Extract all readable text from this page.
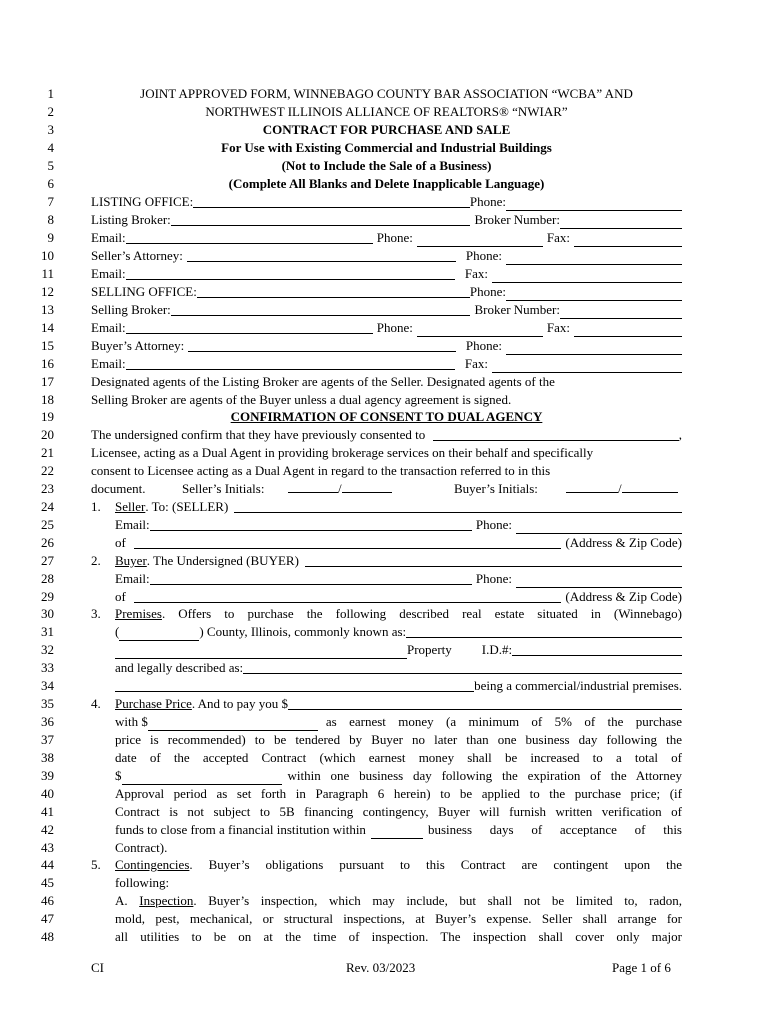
1
2
3
4
5
6
7
8
9
10
11
12
13
14
15
16
17
18
19
20
21
22
23
24
25
26
27
28
29
30
31
32
33
34
35
36
37
38
39
40
41
42
43
44
45
46
47
48
JOINT APPROVED FORM, WINNEBAGO COUNTY BAR ASSOCIATION “WCBA” AND
NORTHWEST ILLINOIS ALLIANCE OF REALTORS® “NWIAR”
CONTRACT FOR PURCHASE AND SALE
For Use with Existing Commercial and Industrial Buildings
(Not to Include the Sale of a Business)
(Complete All Blanks and Delete Inapplicable Language)
LISTING OFFICE:	Phone:
Listing Broker:	Broker Number:
Email:	Phone:	Fax:
Seller’s Attorney:	Phone:
Email:	Fax:
SELLING OFFICE:	Phone:
Selling Broker:	Broker Number:
Email:	Phone:	Fax:
Buyer’s Attorney:	Phone:
Email:	Fax:
Designated agents of the Listing Broker are agents of the Seller. Designated agents of the
Selling Broker are agents of the Buyer unless a dual agency agreement is signed.
CONFIRMATION OF CONSENT TO DUAL AGENCY
The undersigned confirm that they have previously consented to	,
Licensee, acting as a Dual Agent in providing brokerage services on their behalf and specifically
consent to Licensee acting as a Dual Agent in regard to the transaction referred to in this
document.	Seller’s Initials:	/	Buyer’s Initials:	/
1.	Seller . To: (SELLER)
Email:	Phone:
of	(Address & Zip Code)
2.	Buyer . The Undersigned (BUYER)
Email:	Phone:
of	(Address & Zip Code)
3.	Premises. Offers to purchase the following described real estate situated in (Winnebago)
(	) County, Illinois, commonly known as:
Property I.D.#:
and legally described as:
being a commercial/industrial premises.
4.	Purchase Price . And to pay you $
with $	as earnest money (a minimum of 5% of the purchase
price is recommended) to be tendered by Buyer no later than one business day following the
date of the accepted Contract (which earnest money shall be increased to a total of
$	within one business day following the expiration of the Attorney
Approval period as set forth in Paragraph 6 herein) to be applied to the purchase price; (if
Contract is not subject to 5B financing contingency, Buyer will furnish written verification of
funds to close from a financial institution within	business days of acceptance of this
Contract).
5.	Contingencies. Buyer’s obligations pursuant to this Contract are contingent upon the
following:
A. Inspection. Buyer’s inspection, which may include, but shall not be limited to, radon,
mold, pest, mechanical, or structural inspections, at Buyer’s expense. Seller shall arrange for
all utilities to be on at the time of inspection. The inspection shall cover only major
CI	Rev. 03/2023	Page 1 of 6
